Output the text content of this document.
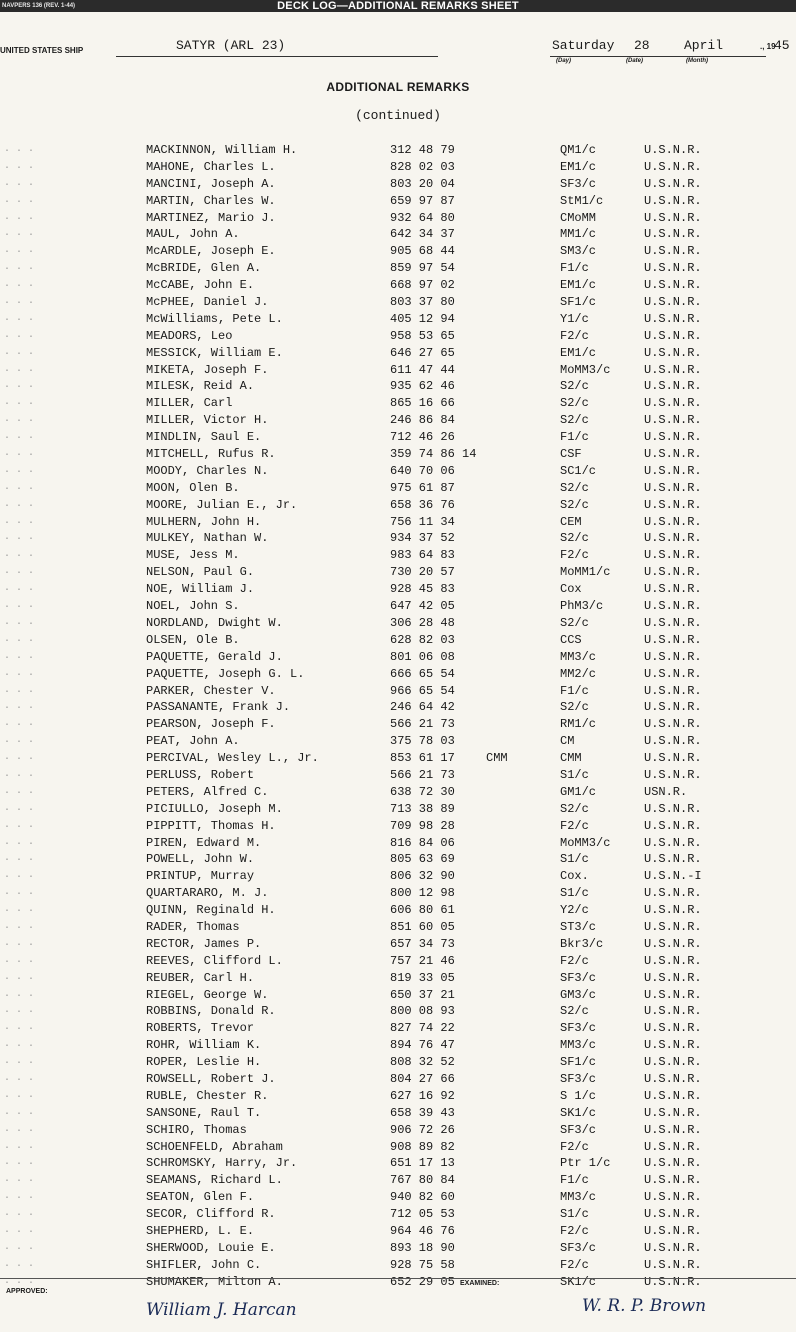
NAVPERS 136 (REV. 1-44)	DECK LOG—ADDITIONAL REMARKS SHEET
UNITED STATES SHIP	SATYR (ARL 23)	Saturday 28	April	., 19
45
(Day)	(Date)	(Month)
ADDITIONAL REMARKS
(continued)
. . .	MACKINNON, William H.	312 48 79	QM1/c	U.S.N.R.
. . .	MAHONE, Charles L.	828 02 03	EM1/c	U.S.N.R.
. . .	MANCINI, Joseph A.	803 20 04	SF3/c	U.S.N.R.
. . .	MARTIN, Charles W.	659 97 87	StM1/c	U.S.N.R.
. . .	MARTINEZ, Mario J.	932 64 80	CMoMM	U.S.N.R.
. . .	MAUL, John A.	642 34 37	MM1/c	U.S.N.R.
. . .	McARDLE, Joseph E.	905 68 44	SM3/c	U.S.N.R.
. . .	McBRIDE, Glen A.	859 97 54	F1/c	U.S.N.R.
. . .	McCABE, John E.	668 97 02	EM1/c	U.S.N.R.
. . .	McPHEE, Daniel J.	803 37 80	SF1/c	U.S.N.R.
. . .	McWilliams, Pete L.	405 12 94	Y1/c	U.S.N.R.
. . .	MEADORS, Leo	958 53 65	F2/c	U.S.N.R.
. . .	MESSICK, William E.	646 27 65	EM1/c	U.S.N.R.
. . .	MIKETA, Joseph F.	611 47 44	MoMM3/c	U.S.N.R.
. . .	MILESK, Reid A.	935 62 46	S2/c	U.S.N.R.
. . .	MILLER, Carl	865 16 66	S2/c	U.S.N.R.
. . .	MILLER, Victor H.	246 86 84	S2/c	U.S.N.R.
. . .	MINDLIN, Saul E.	712 46 26	F1/c	U.S.N.R.
. . .	MITCHELL, Rufus R.	359 74 86 14	CSF	U.S.N.R.
. . .	MOODY, Charles N.	640 70 06	SC1/c	U.S.N.R.
. . .	MOON, Olen B.	975 61 87	S2/c	U.S.N.R.
. . .	MOORE, Julian E., Jr.	658 36 76	S2/c	U.S.N.R.
. . .	MULHERN, John H.	756 11 34	CEM	U.S.N.R.
. . .	MULKEY, Nathan W.	934 37 52	S2/c	U.S.N.R.
. . .	MUSE, Jess M.	983 64 83	F2/c	U.S.N.R.
. . .	NELSON, Paul G.	730 20 57	MoMM1/c	U.S.N.R.
. . .	NOE, William J.	928 45 83	Cox	U.S.N.R.
. . .	NOEL, John S.	647 42 05	PhM3/c	U.S.N.R.
. . .	NORDLAND, Dwight W.	306 28 48	S2/c	U.S.N.R.
. . .	OLSEN, Ole B.	628 82 03	CCS	U.S.N.R.
. . .	PAQUETTE, Gerald J.	801 06 08	MM3/c	U.S.N.R.
. . .	PAQUETTE, Joseph G. L.	666 65 54	MM2/c	U.S.N.R.
. . .	PARKER, Chester V.	966 65 54	F1/c	U.S.N.R.
. . .	PASSANANTE, Frank J.	246 64 42	S2/c	U.S.N.R.
. . .	PEARSON, Joseph F.	566 21 73	RM1/c	U.S.N.R.
. . .	PEAT, John A.	375 78 03	CM	U.S.N.R.
. . .	PERCIVAL, Wesley L., Jr.	853 61 17	CMM	CMM	U.S.N.R.
. . .	PERLUSS, Robert	566 21 73	S1/c	U.S.N.R.
. . .	PETERS, Alfred C.	638 72 30	GM1/c	USN.R.
. . .	PICIULLO, Joseph M.	713 38 89	S2/c	U.S.N.R.
. . .	PIPPITT, Thomas H.	709 98 28	F2/c	U.S.N.R.
. . .	PIREN, Edward M.	816 84 06	MoMM3/c	U.S.N.R.
. . .	POWELL, John W.	805 63 69	S1/c	U.S.N.R.
. . .	PRINTUP, Murray	806 32 90	Cox.	U.S.N.-I
. . .	QUARTARARO, M. J.	800 12 98	S1/c	U.S.N.R.
. . .	QUINN, Reginald H.	606 80 61	Y2/c	U.S.N.R.
. . .	RADER, Thomas	851 60 05	ST3/c	U.S.N.R.
. . .	RECTOR, James P.	657 34 73	Bkr3/c	U.S.N.R.
. . .	REEVES, Clifford L.	757 21 46	F2/c	U.S.N.R.
. . .	REUBER, Carl H.	819 33 05	SF3/c	U.S.N.R.
. . .	RIEGEL, George W.	650 37 21	GM3/c	U.S.N.R.
. . .	ROBBINS, Donald R.	800 08 93	S2/c	U.S.N.R.
. . .	ROBERTS, Trevor	827 74 22	SF3/c	U.S.N.R.
. . .	ROHR, William K.	894 76 47	MM3/c	U.S.N.R.
. . .	ROPER, Leslie H.	808 32 52	SF1/c	U.S.N.R.
. . .	ROWSELL, Robert J.	804 27 66	SF3/c	U.S.N.R.
. . .	RUBLE, Chester R.	627 16 92	S 1/c	U.S.N.R.
. . .	SANSONE, Raul T.	658 39 43	SK1/c	U.S.N.R.
. . .	SCHIRO, Thomas	906 72 26	SF3/c	U.S.N.R.
. . .	SCHOENFELD, Abraham	908 89 82	F2/c	U.S.N.R.
. . .	SCHROMSKY, Harry, Jr.	651 17 13	Ptr 1/c	U.S.N.R.
. . .	SEAMANS, Richard L.	767 80 84	F1/c	U.S.N.R.
. . .	SEATON, Glen F.	940 82 60	MM3/c	U.S.N.R.
. . .	SECOR, Clifford R.	712 05 53	S1/c	U.S.N.R.
. . .	SHEPHERD, L. E.	964 46 76	F2/c	U.S.N.R.
. . .	SHERWOOD, Louie E.	893 18 90	SF3/c	U.S.N.R.
. . .	SHIFLER, John C.	928 75 58	F2/c	U.S.N.R.
. . .	SHUMAKER, Milton A.	652 29 05	SK1/c	U.S.N.R.
APPROVED:
EXAMINED:
William J. Harcan	W. R. P. Brown
